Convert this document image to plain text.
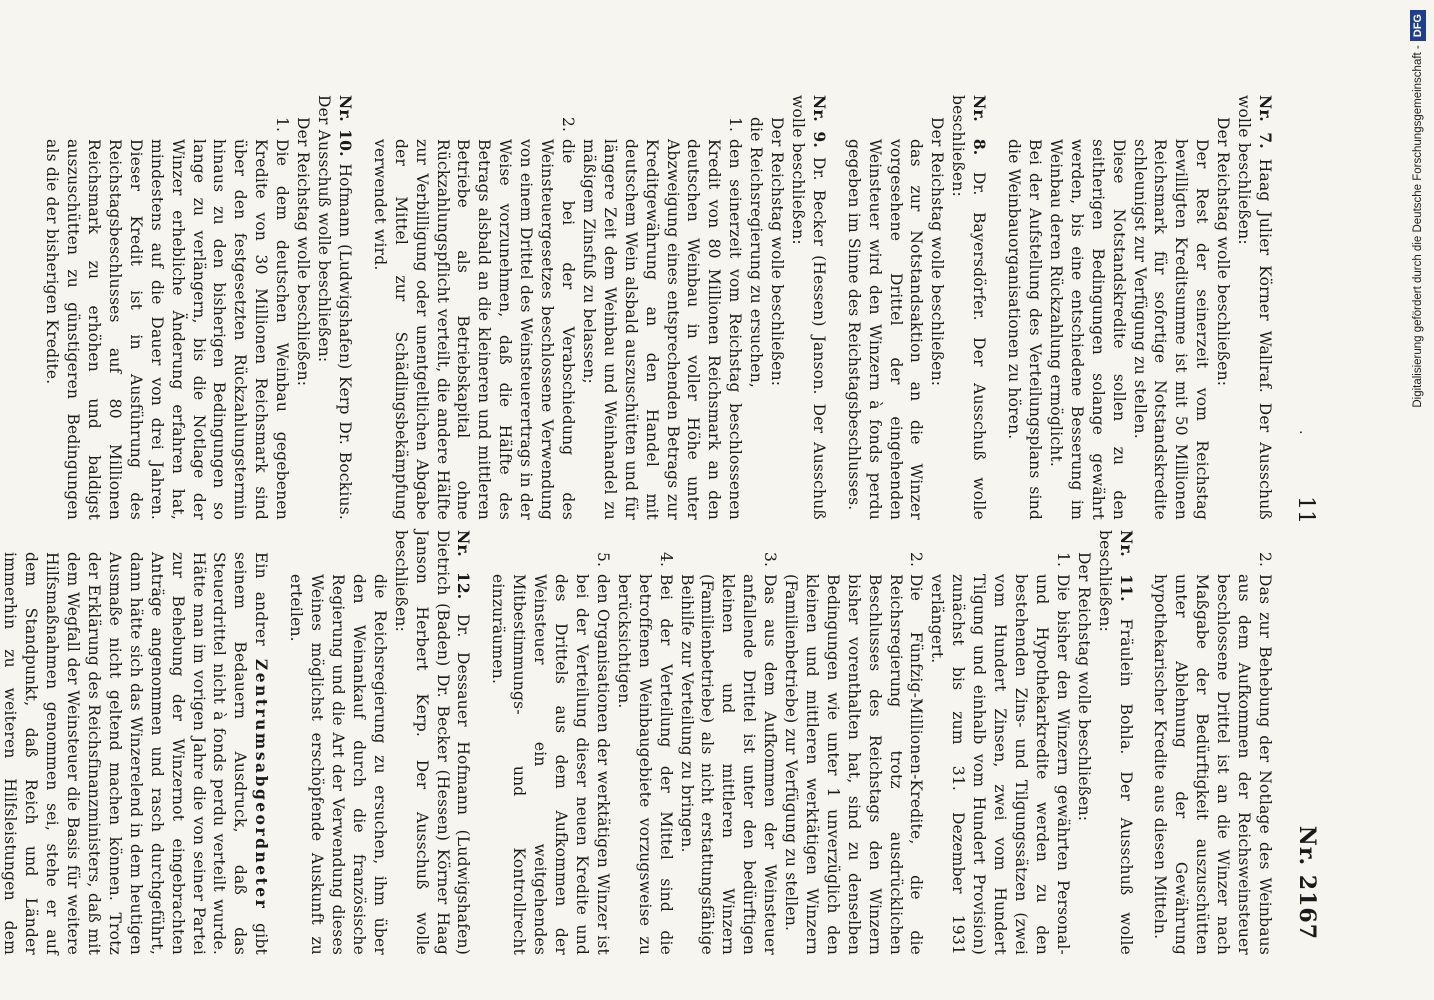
.
11
Nr. 2167

Nr. 7. Haag Julier Körner Wallraf. Der Ausschuß wolle beschließen:

Der Reichstag wolle beschließen:

Der Rest der seinerzeit vom Reichstag bewilligten Kreditsumme ist mit 50 Millionen Reichsmark für sofortige Notstandskredite schleunigst zur Verfügung zu stellen.

Diese Notstandskredite sollen zu den seitherigen Bedingungen solange gewährt werden, bis eine entschiedene Besserung im Weinbau deren Rückzahlung ermöglicht.

Bei der Aufstellung des Verteilungsplans sind die Weinbauorganisationen zu hören.

Nr. 8. Dr. Bayersdörfer. Der Ausschuß wolle beschließen:

Der Reichstag wolle beschließen:

das zur Notstandsaktion an die Winzer vorgesehene Drittel der eingehenden Weinsteuer wird den Winzern à fonds perdu gegeben im Sinne des Reichstagsbeschlusses.

Nr. 9. Dr. Becker (Hessen) Janson. Der Ausschuß wolle beschließen:

Der Reichstag wolle beschließen:

die Reichsregierung zu ersuchen,

1.
den seinerzeit vom Reichstag beschlossenen Kredit von 80 Millionen Reichsmark an den deutschen Weinbau in voller Höhe unter Abzweigung eines entsprechenden Betrags zur Kreditgewährung an den Handel mit deutschem Wein alsbald auszuschütten und für längere Zeit dem Weinbau und Weinhandel zu mäßigem Zinsfuß zu belassen;
2.
die bei der Verabschiedung des Weinsteuergesetzes beschlossene Verwendung von einem Drittel des Weinsteuerertrags in der Weise vorzunehmen, daß die Hälfte des Betrags alsbald an die kleineren und mittleren Betriebe als Betriebskapital ohne Rückzahlungspflicht verteilt, die andere Hälfte zur Verbilligung oder unentgeltlichen Abgabe der Mittel zur Schädlingsbekämpfung verwendet wird.

Nr. 10. Hofmann (Ludwigshafen) Kerp Dr. Bockius. Der Ausschuß wolle beschließen:

Der Reichstag wolle beschließen:

1.
Die dem deutschen Weinbau gegebenen Kredite von 30 Millionen Reichsmark sind über den festgesetzten Rückzahlungstermin hinaus zu den bisherigen Bedingungen so lange zu verlängern, bis die Notlage der Winzer erhebliche Änderung erfahren hat, mindestens auf die Dauer von drei Jahren. Dieser Kredit ist in Ausführung des Reichstagsbeschlusses auf 80 Millionen Reichsmark zu erhöhen und baldigst auszuschütten zu günstigeren Bedingungen als die der bisherigen Kredite.
2.
Das zur Behebung der Notlage des Weinbaus aus dem Aufkommen der Reichsweinsteuer beschlossene Drittel ist an die Winzer nach Maßgabe der Bedürftigkeit auszuschütten unter Ablehnung der Gewährung hypothekarischer Kredite aus diesen Mitteln.

Nr. 11. Fräulein Bohla. Der Ausschuß wolle beschließen:

Der Reichstag wolle beschließen:

1.
Die bisher den Winzern gewährten Personal- und Hypothekarkredite werden zu den bestehenden Zins- und Tilgungssätzen (zwei vom Hundert Zinsen, zwei vom Hundert Tilgung und einhalb vom Hundert Provision) zunächst bis zum 31. Dezember 1931 verlängert.
2.
Die Fünfzig-Millionen-Kredite, die die Reichsregierung trotz ausdrücklichen Beschlusses des Reichstags den Winzern bisher vorenthalten hat, sind zu denselben Bedingungen wie unter 1 unverzüglich den kleinen und mittleren werktätigen Winzern (Familienbetriebe) zur Verfügung zu stellen.
3.
Das aus dem Aufkommen der Weinsteuer anfallende Drittel ist unter den bedürftigen kleinen und mittleren Winzern (Familienbetriebe) als nicht erstattungsfähige Beihilfe zur Verteilung zu bringen.
4.
Bei der Verteilung der Mittel sind die betroffenen Weinbaugebiete vorzugsweise zu berücksichtigen.
5.
den Organisationen der werktätigen Winzer ist bei der Verteilung dieser neuen Kredite und des Drittels aus dem Aufkommen der Weinsteuer ein weitgehendes Mitbestimmungs- und Kontrollrecht einzuräumen.

Nr. 12. Dr. Dessauer Hofmann (Ludwigshafen) Dietrich (Baden) Dr. Becker (Hessen) Körner Haag Janson Herbert Kerp. Der Ausschuß wolle beschließen:

die Reichsregierung zu ersuchen, ihm über den Weinankauf durch die französische Regierung und die Art der Verwendung dieses Weines möglichst erschöpfende Auskunft zu erteilen.

Ein andrer Zentrumsabgeordneter gibt seinem Bedauern Ausdruck, daß das Steuerdrittel nicht à fonds perdu verteilt wurde. Hätte man im vorigen Jahre die von seiner Partei zur Behebung der Winzernot eingebrachten Anträge angenommen und rasch durchgeführt, dann hätte sich das Winzerelend in dem heutigen Ausmaße nicht geltend machen können. Trotz der Erklärung des Reichsfinanzministers, daß mit dem Wegfall der Weinsteuer die Basis für weitere Hilfsmaßnahmen genommen sei, stehe er auf dem Standpunkt, daß Reich und Länder immerhin zu weiteren Hilfsleistungen dem

Digitalisierung gefördert durch die Deutsche Forschungsgemeinschaft -DFG
